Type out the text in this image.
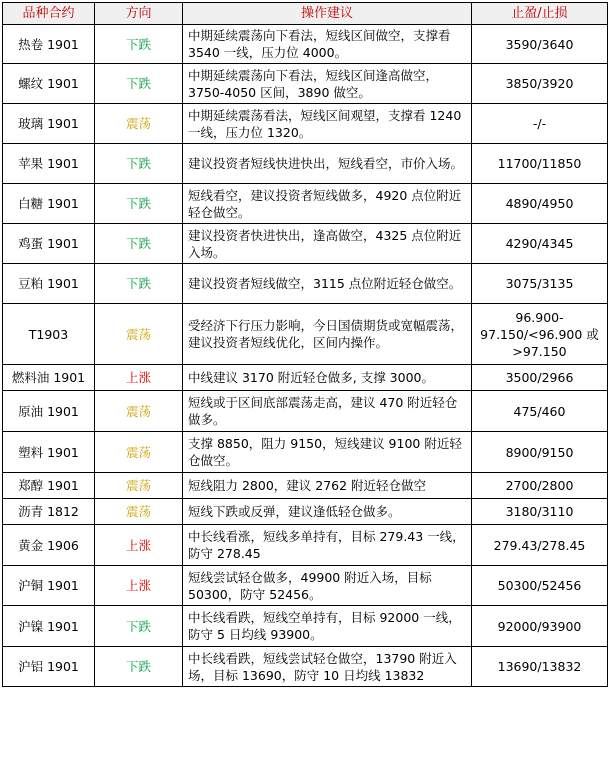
品种合约	方向	操作建议	止盈/止损
热卷 1901	下跌	中期延续震荡向下看法，短线区间做空，支撑看 3540 一线，压力位 4000。	3590/3640
螺纹 1901	下跌	中期延续震荡向下看法，短线区间逢高做空，3750-4050 区间，3890 做空。	3850/3920
玻璃 1901	震荡	中期延续震荡看法，短线区间观望，支撑看 1240 一线，压力位 1320。	-/-
苹果 1901	下跌	建议投资者短线快进快出，短线看空，市价入场。	11700/11850
白糖 1901	下跌	短线看空，建议投资者短线做多，4920 点位附近轻仓做空。	4890/4950
鸡蛋 1901	下跌	建议投资者快进快出，逢高做空，4325 点位附近入场。	4290/4345
豆粕 1901	下跌	建议投资者短线做空，3115 点位附近轻仓做空。	3075/3135
T1903	震荡	受经济下行压力影响，今日国债期货或宽幅震荡，建议投资者短线优化，区间内操作。	96.900-97.150/<96.900 或>97.150
燃料油 1901	上涨	中线建议 3170 附近轻仓做多, 支撑 3000。	3500/2966
原油 1901	震荡	短线或于区间底部震荡走高，建议 470 附近轻仓做多。	475/460
塑料 1901	震荡	支撑 8850，阻力 9150，短线建议 9100 附近轻仓做空。	8900/9150
郑醇 1901	震荡	短线阻力 2800，建议 2762 附近轻仓做空	2700/2800
沥青 1812	震荡	短线下跌或反弹，建议逢低轻仓做多。	3180/3110
黄金 1906	上涨	中长线看涨，短线多单持有，目标 279.43 一线，防守 278.45	279.43/278.45
沪铜 1901	上涨	短线尝试轻仓做多，49900 附近入场，目标 50300，防守 52456。	50300/52456
沪镍 1901	下跌	中长线看跌，短线空单持有，目标 92000 一线，防守 5 日均线 93900。	92000/93900
沪铝 1901	下跌	中长线看跌，短线尝试轻仓做空，13790 附近入场，目标 13690，防守 10 日均线 13832	13690/13832
